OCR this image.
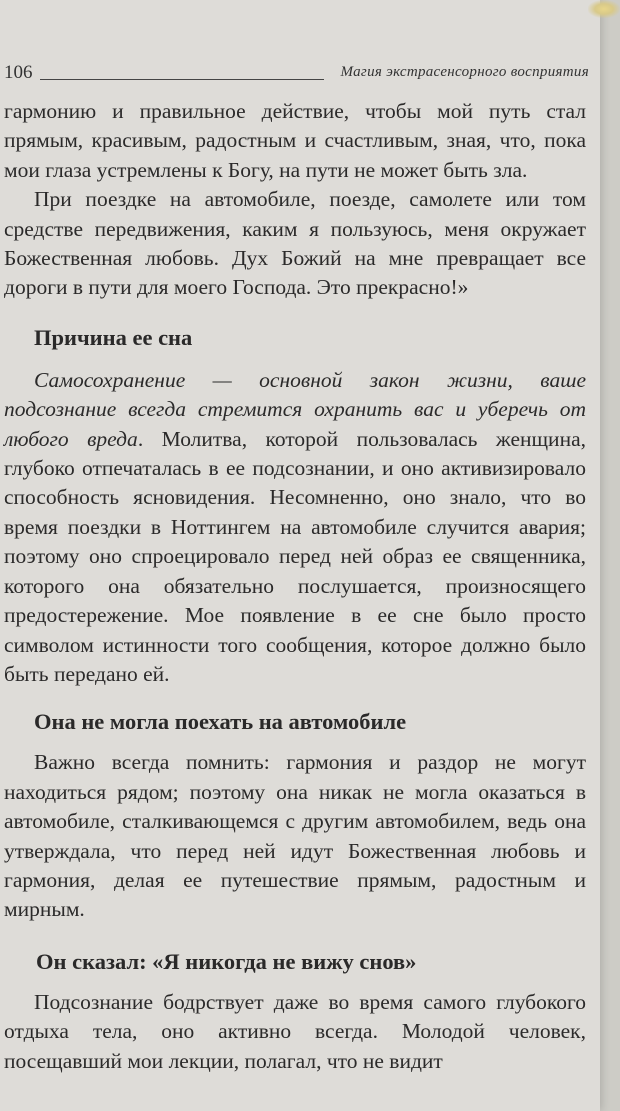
106	Магия экстрасенсорного восприятия

гармонию и правильное действие, чтобы мой путь стал прямым, красивым, радостным и счастливым, зная, что, пока мои глаза устремлены к Богу, на пути не может быть зла.

При поездке на автомобиле, поезде, самолете или том средстве передвижения, каким я пользуюсь, меня окружает Божественная любовь. Дух Божий на мне превращает все дороги в пути для моего Господа. Это прекрасно!»

Причина ее сна

Самосохранение — основной закон жизни, ваше подсознание всегда стремится охранить вас и уберечь от любого вреда. Молитва, которой пользовалась женщина, глубоко отпечаталась в ее подсознании, и оно активизировало способность ясновидения. Несомненно, оно знало, что во время поездки в Ноттингем на автомобиле случится авария; поэтому оно спроецировало перед ней образ ее священника, которого она обязательно послушается, произносящего предостережение. Мое появление в ее сне было просто символом истинности того сообщения, которое должно было быть передано ей.

Она не могла поехать на автомобиле

Важно всегда помнить: гармония и раздор не могут находиться рядом; поэтому она никак не могла оказаться в автомобиле, сталкивающемся с другим автомобилем, ведь она утверждала, что перед ней идут Божественная любовь и гармония, делая ее путешествие прямым, радостным и мирным.

Он сказал: «Я никогда не вижу снов»

Подсознание бодрствует даже во время самого глубокого отдыха тела, оно активно всегда. Молодой человек, посещавший мои лекции, полагал, что не видит
